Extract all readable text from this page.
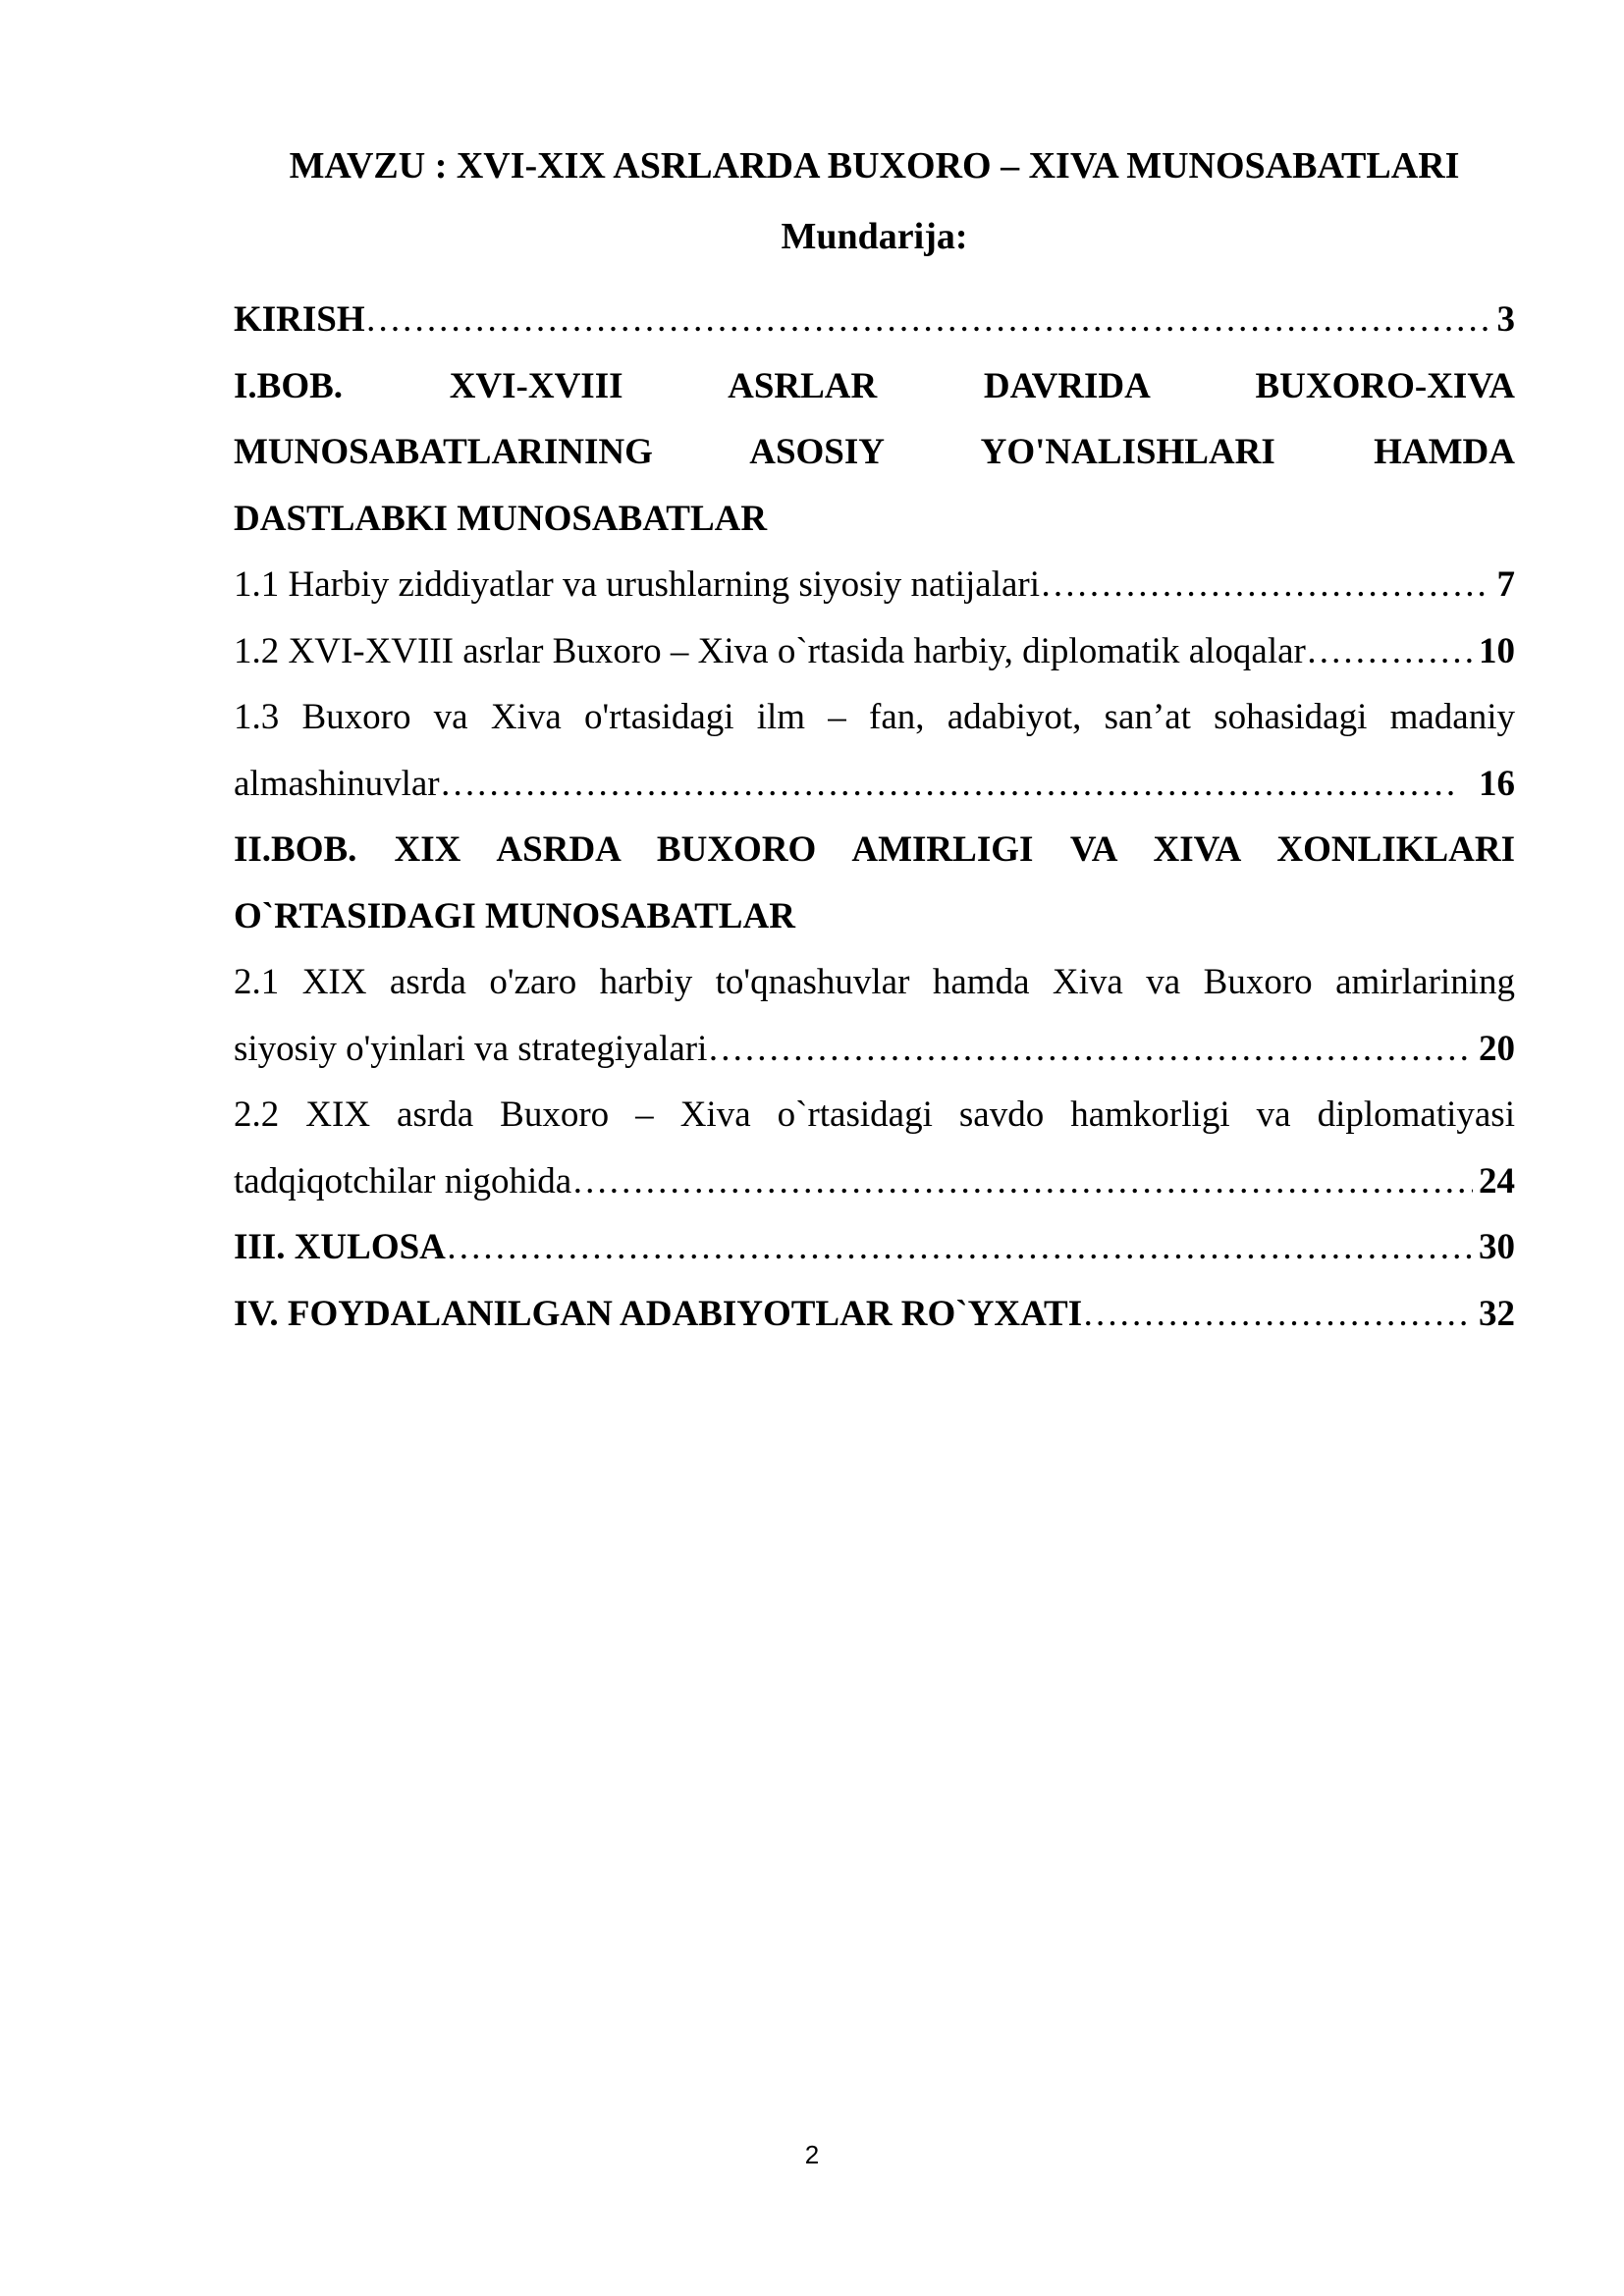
MAVZU : XVI-XIX ASRLARDA BUXORO – XIVA MUNOSABATLARI
Mundarija:
KIRISH ………………………………………………………………………………………………………………………………………………………………………………	3
I.BOB. XVI-XVIII ASRLAR DAVRIDA BUXORO-XIVA
MUNOSABATLARINING ASOSIY YO'NALISHLARI HAMDA
DASTLABKI MUNOSABATLAR
1.1 Harbiy ziddiyatlar va urushlarning siyosiy natijalari ………………………………………………………………………………………………………………………………………………………………………………	7
1.2 XVI-XVIII asrlar Buxoro – Xiva o`rtasida harbiy, diplomatik aloqalar ………………………………………………………………………………………………………………………………………………………………………………	10
1.3 Buxoro va Xiva o'rtasidagi ilm – fan, adabiyot, san’at sohasidagi madaniy
almashinuvlar ………………………………………………………………………………………………………………………………………………………………………………	16
II.BOB. XIX ASRDA BUXORO AMIRLIGI VA XIVA XONLIKLARI
O`RTASIDAGI MUNOSABATLAR
2.1 XIX asrda o'zaro harbiy to'qnashuvlar hamda Xiva va Buxoro amirlarining
siyosiy o'yinlari va strategiyalari ………………………………………………………………………………………………………………………………………………………………………………	20
2.2 XIX asrda Buxoro – Xiva o`rtasidagi savdo hamkorligi va diplomatiyasi
tadqiqotchilar nigohida ………………………………………………………………………………………………………………………………………………………………………………	24
III. XULOSA ………………………………………………………………………………………………………………………………………………………………………………	30
IV. FOYDALANILGAN ADABIYOTLAR RO`YXATI ………………………………………………………………………………………………………………………………………………………………………………	32
2
